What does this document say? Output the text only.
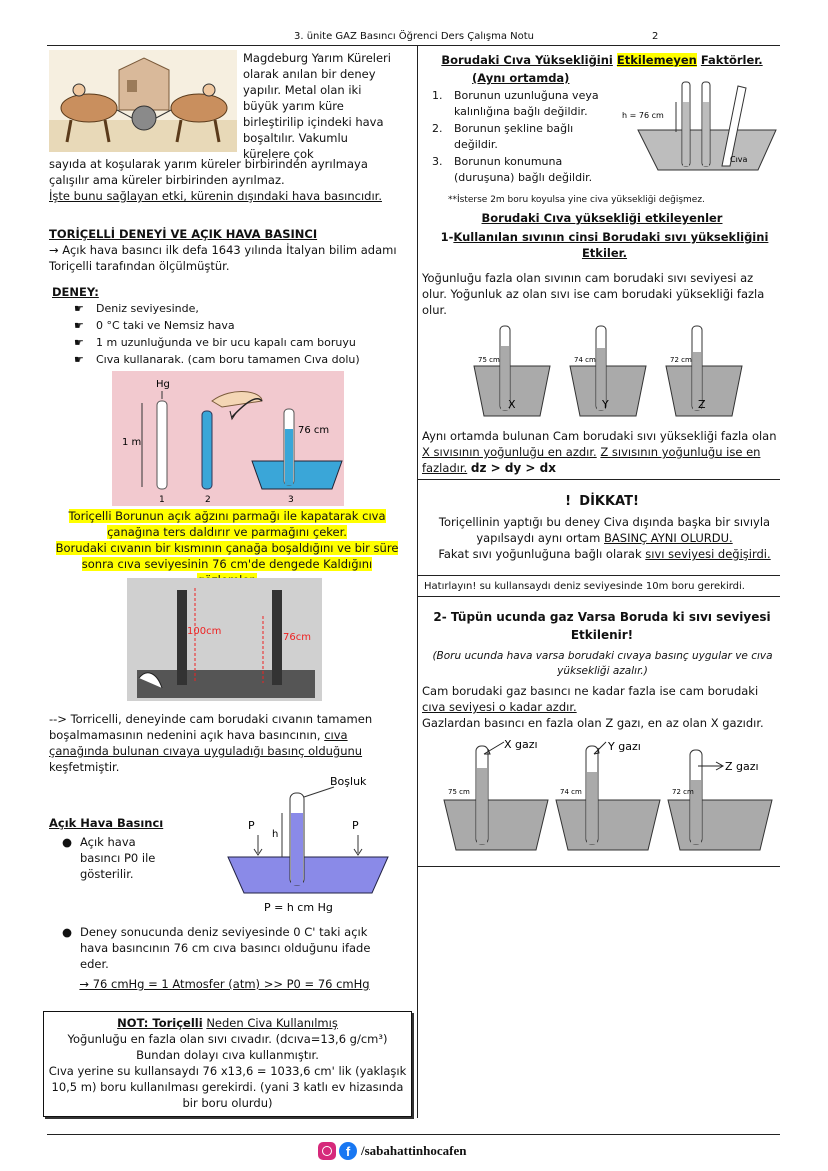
3. ünite GAZ Basıncı Öğrenci Ders Çalışma Notu	2
Magdeburg Yarım Küreleri olarak anılan bir deney yapılır. Metal olan iki büyük yarım küre birleştirilip içindeki hava boşaltılır. Vakumlu kürelere çok
sayıda at koşularak yarım küreler birbirinden ayrılmaya çalışılır ama küreler birbirinden ayrılmaz.
İşte bunu sağlayan etki, kürenin dışındaki hava basıncıdır.
TORİÇELLİ DENEYİ VE AÇIK HAVA BASINCI
→ Açık hava basıncı ilk defa 1643 yılında İtalyan bilim adamı Toriçelli tarafından ölçülmüştür.
DENEY:
☛ Deniz seviyesinde,
☛ 0 °C taki ve Nemsiz hava
☛ 1 m uzunluğunda ve bir ucu kapalı cam boruyu
☛ Cıva kullanarak. (cam boru tamamen Cıva dolu)
Hg
1 m
76 cm
1	2	3
Toriçelli Borunun açık ağzını parmağı ile kapatarak cıva çanağına ters daldırır ve parmağını çeker.
Borudaki cıvanın bir kısmının çanağa boşaldığını ve bir süre sonra cıva seviyesinin 76 cm'de dengede Kaldığını
100cm
76cm
--> Torricelli, deneyinde cam borudaki cıvanın tamamen boşalmamasının nedenini açık hava basıncının, cıva çanağında bulunan cıvaya uyguladığı basınç olduğunu keşfetmiştir.
Açık Hava Basıncı
● Açık hava basıncı P0 ile gösterilir.
Boşluk
h
P	P
P = h cm Hg
● Deney sonucunda deniz seviyesinde 0 C' taki açık hava basıncının 76 cm cıva basıncı olduğunu ifade eder.
→ 76 cmHg = 1 Atmosfer (atm) >> P0 = 76 cmHg
NOT: Toriçelli Neden Civa Kullanılmış
Yoğunluğu en fazla olan sıvı cıvadır. (dcıva=13,6 g/cm³)
Bundan dolayı cıva kullanmıştır.
Cıva yerine su kullansaydı 76 x13,6 = 1033,6 cm' lik (yaklaşık 10,5 m) boru kullanılması gerekirdi. (yani 3 katlı ev hizasında bir boru olurdu)
Borudaki Cıva Yüksekliğini Etkilemeyen Faktörler.
(Aynı ortamda)
1. Borunun uzunluğuna veya kalınlığına bağlı değildir.
2. Borunun şekline bağlı değildir.
3. Borunun konumuna (duruşuna) bağlı değildir.
h = 76 cm
Cıva
**İsterse 2m boru koyulsa yine civa yüksekliği değişmez.
Borudaki Cıva yüksekliği etkileyenler
1-Kullanılan sıvının cinsi Borudaki sıvı yüksekliğini Etkiler.
Yoğunluğu fazla olan sıvının cam borudaki sıvı seviyesi az olur. Yoğunluk az olan sıvı ise cam borudaki yüksekliği fazla olur.
75 cm
X
74 cm
Y
72 cm
Z
Aynı ortamda bulunan Cam borudaki sıvı yüksekliği fazla olan X sıvısının yoğunluğu en azdır. Z sıvısının yoğunluğu ise en fazladır. dz > dy > dx
! DİKKAT!
Toriçellinin yaptığı bu deney Civa dışında başka bir sıvıyla yapılsaydı aynı ortam BASINÇ AYNI OLURDU.
Fakat sıvı yoğunluğuna bağlı olarak sıvı seviyesi değişirdi.
Hatırlayın! su kullansaydı deniz seviyesinde 10m boru gerekirdi.
2- Tüpün ucunda gaz Varsa Boruda ki sıvı seviyesi Etkilenir!
(Boru ucunda hava varsa borudaki cıvaya basınç uygular ve cıva yüksekliği azalır.)
Cam borudaki gaz basıncı ne kadar fazla ise cam borudaki
cıva seviyesi o kadar azdır.
Gazlardan basıncı en fazla olan Z gazı, en az olan X gazıdır.
X gazı
75 cm
Y gazı
74 cm
Z gazı
72 cm
f /sabahattinhocafen
